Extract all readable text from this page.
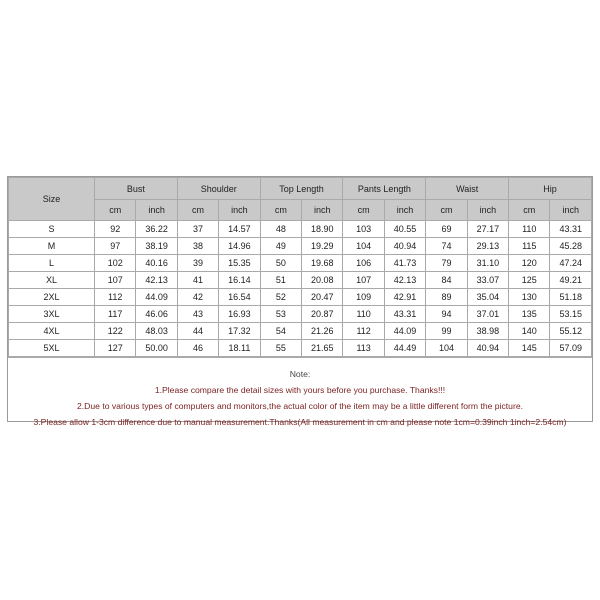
Size	Bust		Shoulder		Top Length		Pants Length		Waist		Hip	
	cm	inch	cm	inch	cm	inch	cm	inch	cm	inch	cm	inch
S	92	36.22	37	14.57	48	18.90	103	40.55	69	27.17	110	43.31
M	97	38.19	38	14.96	49	19.29	104	40.94	74	29.13	115	45.28
L	102	40.16	39	15.35	50	19.68	106	41.73	79	31.10	120	47.24
XL	107	42.13	41	16.14	51	20.08	107	42.13	84	33.07	125	49.21
2XL	112	44.09	42	16.54	52	20.47	109	42.91	89	35.04	130	51.18
3XL	117	46.06	43	16.93	53	20.87	110	43.31	94	37.01	135	53.15
4XL	122	48.03	44	17.32	54	21.26	112	44.09	99	38.98	140	55.12
5XL	127	50.00	46	18.11	55	21.65	113	44.49	104	40.94	145	57.09
Note:
1.Please compare the detail sizes with yours before you purchase. Thanks!!!
2.Due to various types of computers and monitors,the actual color of the item may be a little different form the picture.
3.Please allow 1-3cm difference due to manual measurement.Thanks(All measurement in cm and please note 1cm=0.39inch 1inch=2.54cm)
